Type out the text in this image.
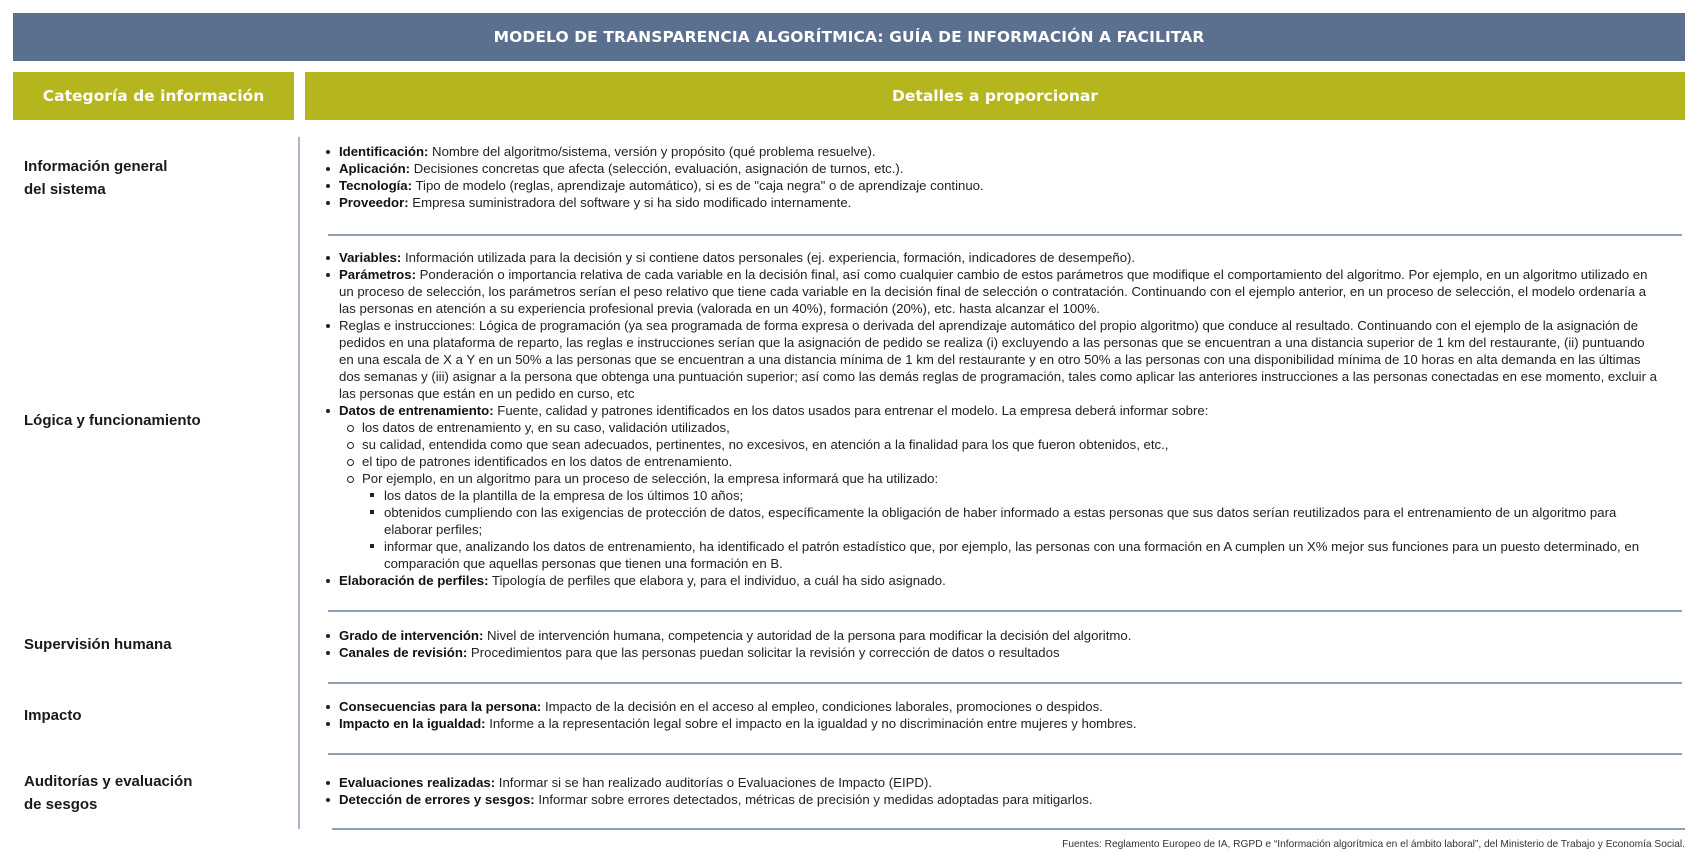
MODELO DE TRANSPARENCIA ALGORÍTMICA: GUÍA DE INFORMACIÓN A FACILITAR
Categoría de información	Detalles a proporcionar
Información general
del sistema
Identificación: Nombre del algoritmo/sistema, versión y propósito (qué problema resuelve).
Aplicación: Decisiones concretas que afecta (selección, evaluación, asignación de turnos, etc.).
Tecnología: Tipo de modelo (reglas, aprendizaje automático), si es de "caja negra" o de aprendizaje continuo.
Proveedor: Empresa suministradora del software y si ha sido modificado internamente.
Lógica y funcionamiento
Variables: Información utilizada para la decisión y si contiene datos personales (ej. experiencia, formación, indicadores de desempeño).
Parámetros: Ponderación o importancia relativa de cada variable en la decisión final, así como cualquier cambio de estos parámetros que modifique el comportamiento del algoritmo. Por ejemplo, en un algoritmo utilizado en un proceso de selección, los parámetros serían el peso relativo que tiene cada variable en la decisión final de selección o contratación. Continuando con el ejemplo anterior, en un proceso de selección, el modelo ordenaría a las personas en atención a su experiencia profesional previa (valorada en un 40%), formación (20%), etc. hasta alcanzar el 100%.
Reglas e instrucciones: Lógica de programación (ya sea programada de forma expresa o derivada del aprendizaje automático del propio algoritmo) que conduce al resultado. Continuando con el ejemplo de la asignación de pedidos en una plataforma de reparto, las reglas e instrucciones serían que la asignación de pedido se realiza (i) excluyendo a las personas que se encuentran a una distancia superior de 1 km del restaurante, (ii) puntuando en una escala de X a Y en un 50% a las personas que se encuentran a una distancia mínima de 1 km del restaurante y en otro 50% a las personas con una disponibilidad mínima de 10 horas en alta demanda en las últimas dos semanas y (iii) asignar a la persona que obtenga una puntuación superior; así como las demás reglas de programación, tales como aplicar las anteriores instrucciones a las personas conectadas en ese momento, excluir a las personas que están en un pedido en curso, etc
Datos de entrenamiento: Fuente, calidad y patrones identificados en los datos usados para entrenar el modelo. La empresa deberá informar sobre:
los datos de entrenamiento y, en su caso, validación utilizados,
su calidad, entendida como que sean adecuados, pertinentes, no excesivos, en atención a la finalidad para los que fueron obtenidos, etc.,
el tipo de patrones identificados en los datos de entrenamiento.
Por ejemplo, en un algoritmo para un proceso de selección, la empresa informará que ha utilizado:
los datos de la plantilla de la empresa de los últimos 10 años;
obtenidos cumpliendo con las exigencias de protección de datos, específicamente la obligación de haber informado a estas personas que sus datos serían reutilizados para el entrenamiento de un algoritmo para elaborar perfiles;
informar que, analizando los datos de entrenamiento, ha identificado el patrón estadístico que, por ejemplo, las personas con una formación en A cumplen un X% mejor sus funciones para un puesto determinado, en comparación que aquellas personas que tienen una formación en B.
Elaboración de perfiles: Tipología de perfiles que elabora y, para el individuo, a cuál ha sido asignado.
Supervisión humana
Grado de intervención: Nivel de intervención humana, competencia y autoridad de la persona para modificar la decisión del algoritmo.
Canales de revisión: Procedimientos para que las personas puedan solicitar la revisión y corrección de datos o resultados
Impacto
Consecuencias para la persona: Impacto de la decisión en el acceso al empleo, condiciones laborales, promociones o despidos.
Impacto en la igualdad: Informe a la representación legal sobre el impacto en la igualdad y no discriminación entre mujeres y hombres.
Auditorías y evaluación
de sesgos
Evaluaciones realizadas: Informar si se han realizado auditorías o Evaluaciones de Impacto (EIPD).
Detección de errores y sesgos: Informar sobre errores detectados, métricas de precisión y medidas adoptadas para mitigarlos.
Fuentes: Reglamento Europeo de IA, RGPD e “Información algorítmica en el ámbito laboral”, del Ministerio de Trabajo y Economía Social.
